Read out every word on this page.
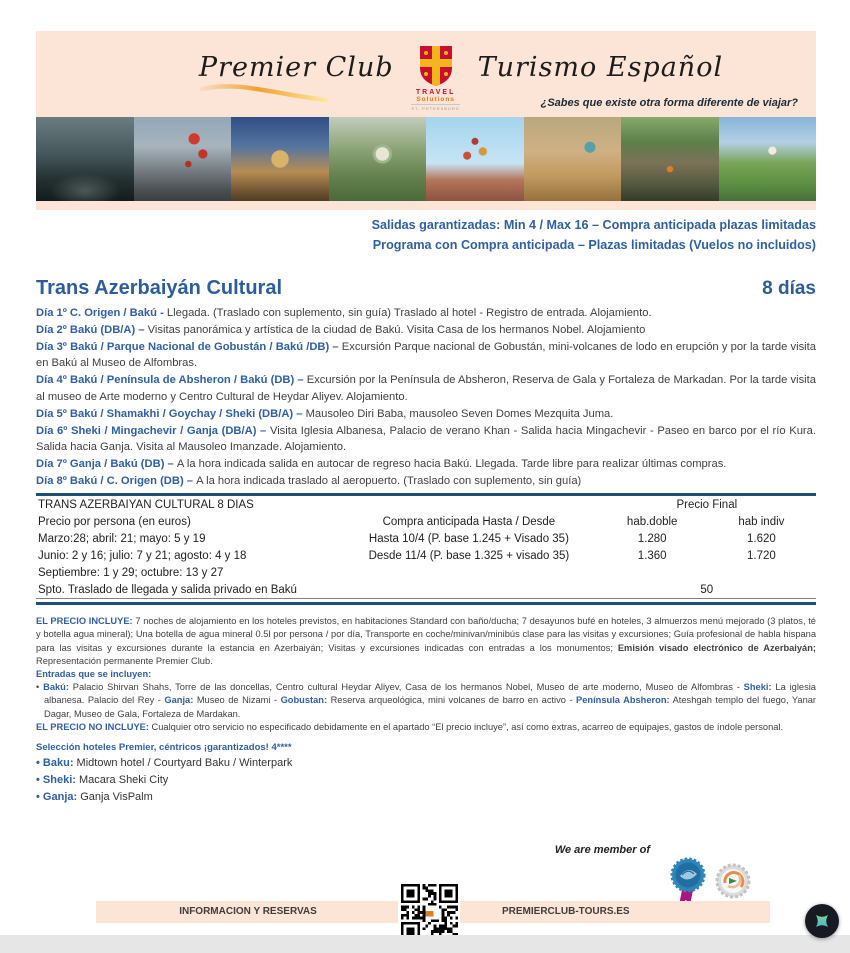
Premier Club
TRAVEL
Solutions
ST. PETERSBURG
Turismo Español
¿Sabes que existe otra forma diferente de viajar?
Salidas garantizadas: Min 4 / Max 16 – Compra anticipada plazas limitadas
Programa con Compra anticipada – Plazas limitadas (Vuelos no incluidos)
Trans Azerbaiyán Cultural	8 días

Día 1º C. Origen / Bakú - Llegada. (Traslado con suplemento, sin guía) Traslado al hotel - Registro de entrada. Alojamiento.

Día 2º Bakú (DB/A) – Visitas panorámica y artística de la ciudad de Bakú. Visita Casa de los hermanos Nobel. Alojamiento

Día 3º Bakú / Parque Nacional de Gobustán / Bakú /DB) – Excursión Parque nacional de Gobustán, mini-volcanes de lodo en erupción y por la tarde visita en Bakú al Museo de Alfombras.

Día 4º Bakú / Península de Absheron / Bakú (DB) – Excursión por la Península de Absheron, Reserva de Gala y Fortaleza de Markadan. Por la tarde visita al museo de Arte moderno y Centro Cultural de Heydar Aliyev. Alojamiento.

Día 5º Bakú / Shamakhi / Goychay / Sheki (DB/A) – Mausoleo Diri Baba, mausoleo Seven Domes Mezquita Juma.

Día 6º Sheki / Mingachevir / Ganja (DB/A) – Visita Iglesia Albanesa, Palacio de verano Khan - Salida hacia Mingachevir - Paseo en barco por el río Kura. Salida hacia Ganja. Visita al Mausoleo Imanzade. Alojamiento.

Día 7º Ganja / Bakú (DB) – A la hora indicada salida en autocar de regreso hacia Bakú. Llegada. Tarde libre para realizar últimas compras.

Día 8º Bakú / C. Origen (DB) – A la hora indicada traslado al aeropuerto. (Traslado con suplemento, sin guía)

TRANS AZERBAIYAN CULTURAL 8 DIAS		Precio Final	
Precio por persona (en euros)	Compra anticipada Hasta / Desde	hab.doble	hab indiv
Marzo:28; abril: 21; mayo: 5 y 19	Hasta 10/4 (P. base 1.245 + Visado 35)	1.280	1.620
Junio: 2 y 16; julio: 7 y 21; agosto: 4 y 18	Desde 11/4 (P. base 1.325 + visado 35)	1.360	1.720
Septiembre: 1 y 29; octubre: 13 y 27			
Spto. Traslado de llegada y salida privado en Bakú		50	

EL PRECIO INCLUYE: 7 noches de alojamiento en los hoteles previstos, en habitaciones Standard con baño/ducha; 7 desayunos bufé en hoteles, 3 almuerzos menú mejorado (3 platos, té y botella agua mineral); Una botella de agua mineral 0.5l por persona / por día, Transporte en coche/minivan/minibús clase para las visitas y excursiones; Guía profesional de habla hispana para las visitas y excursiones durante la estancia en Azerbaiyán; Visitas y excursiones indicadas con entradas a los monumentos; Emisión visado electrónico de Azerbaiyán; Representación permanente Premier Club.

Entradas que se incluyen:

• Bakú: Palacio Shirvan Shahs, Torre de las doncellas, Centro cultural Heydar Aliyev, Casa de los hermanos Nobel, Museo de arte moderno, Museo de Alfombras - Sheki: La iglesia albanesa. Palacio del Rey - Ganja: Museo de Nizami - Gobustan: Reserva arqueológica, mini volcanes de barro en activo - Península Absheron: Ateshgah templo del fuego, Yanar Dagar, Museo de Gala, Fortaleza de Mardakan.

EL PRECIO NO INCLUYE: Cualquier otro servicio no especificado debidamente en el apartado “El precio incluye”, así como extras, acarreo de equipajes, gastos de índole personal.

Selección hoteles Premier, céntricos ¡garantizados! 4****

• Baku: Midtown hotel / Courtyard Baku / Winterpark

• Sheki: Macara Sheki City

• Ganja: Ganja VisPalm

We are member of
INFORMACION Y RESERVAS	PREMIERCLUB-TOURS.ES
